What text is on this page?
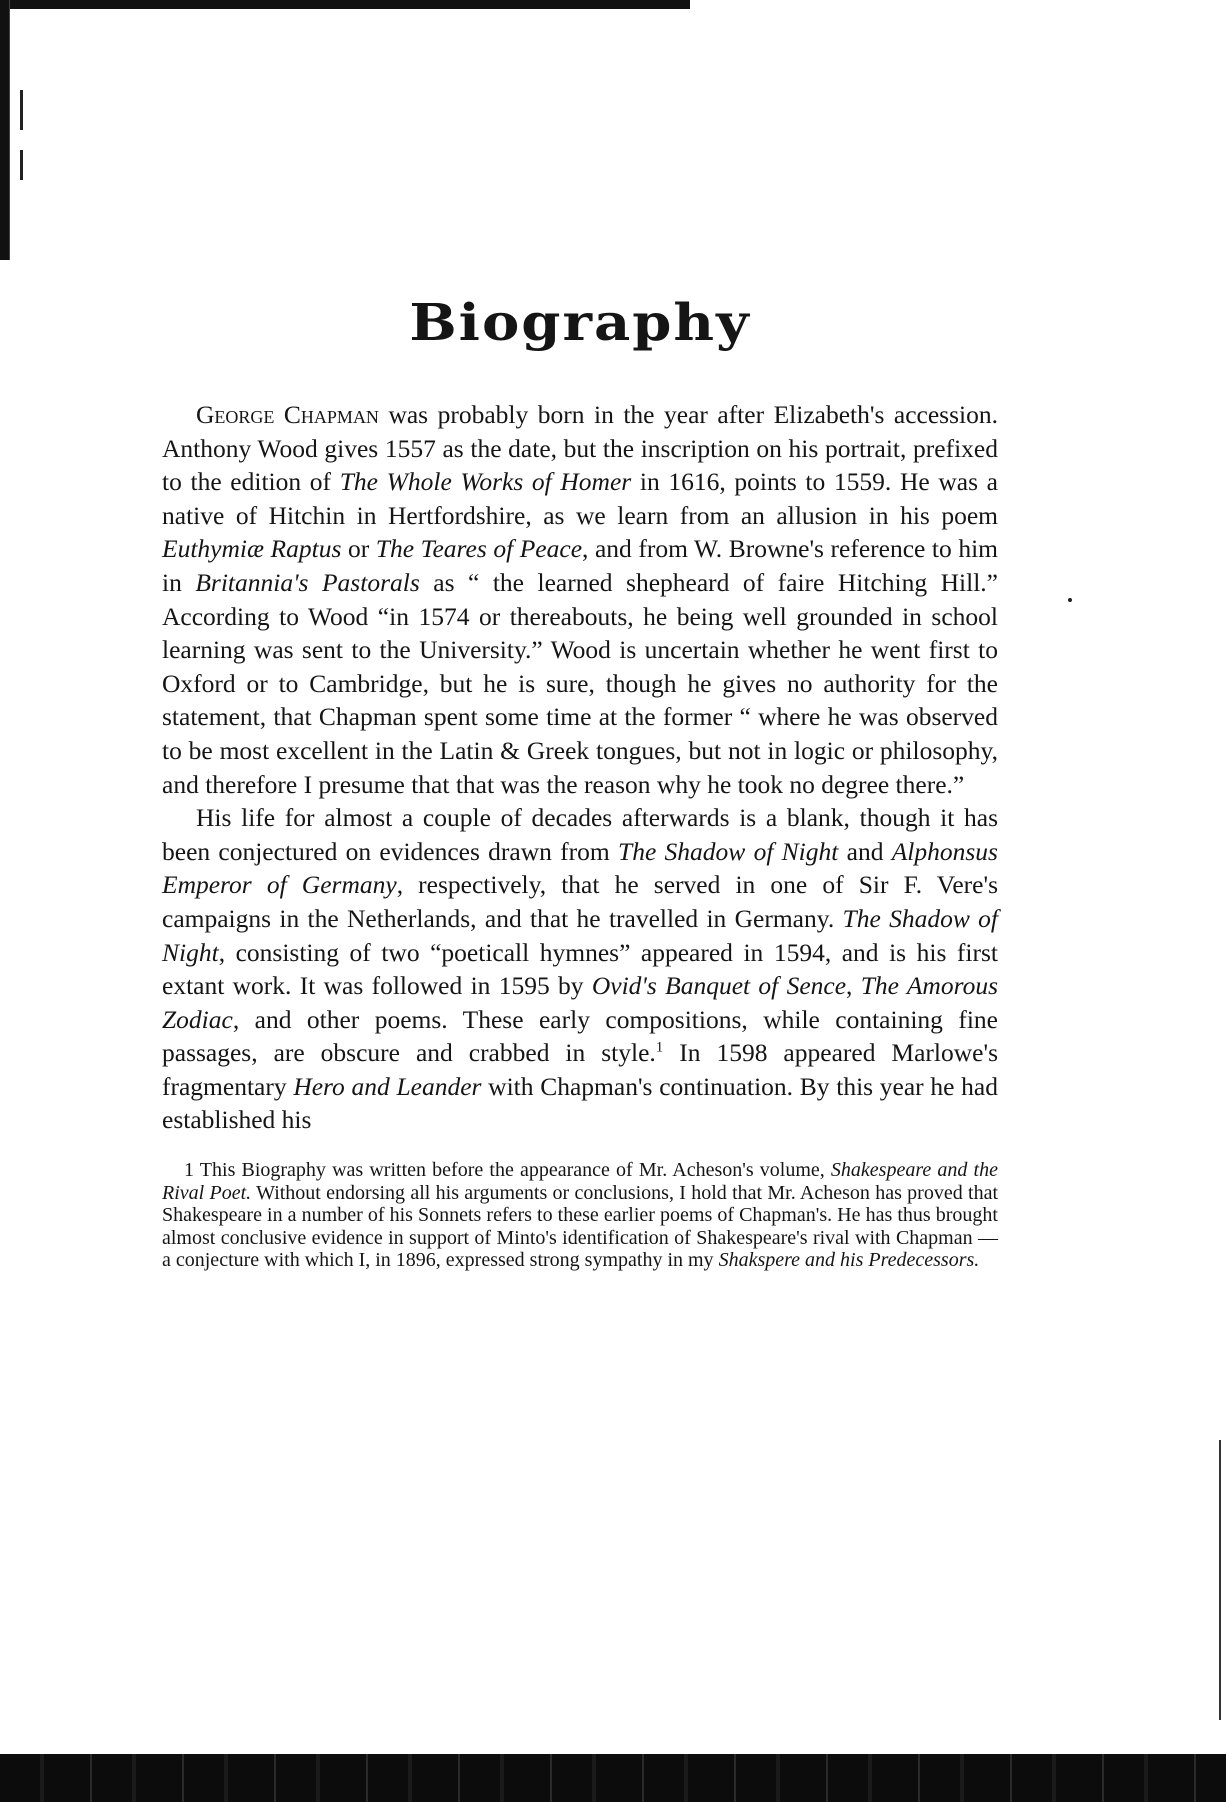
Biography

George Chapman was probably born in the year after Elizabeth's accession. Anthony Wood gives 1557 as the date, but the inscription on his portrait, prefixed to the edition of The Whole Works of Homer in 1616, points to 1559. He was a native of Hitchin in Hertfordshire, as we learn from an allusion in his poem Euthymiæ Raptus or The Teares of Peace, and from W. Browne's reference to him in Britannia's Pastorals as “ the learned shepheard of faire Hitching Hill.” According to Wood “in 1574 or thereabouts, he being well grounded in school learning was sent to the University.” Wood is uncertain whether he went first to Oxford or to Cambridge, but he is sure, though he gives no authority for the statement, that Chapman spent some time at the former “ where he was observed to be most excellent in the Latin & Greek tongues, but not in logic or philosophy, and therefore I presume that that was the reason why he took no degree there.”

His life for almost a couple of decades afterwards is a blank, though it has been conjectured on evidences drawn from The Shadow of Night and Alphonsus Emperor of Germany, respectively, that he served in one of Sir F. Vere's campaigns in the Netherlands, and that he travelled in Germany. The Shadow of Night, consisting of two “poeticall hymnes” appeared in 1594, and is his first extant work. It was followed in 1595 by Ovid's Banquet of Sence, The Amorous Zodiac, and other poems. These early compositions, while containing fine passages, are obscure and crabbed in style.$^1$ In 1598 appeared Marlowe's fragmentary Hero and Leander with Chapman's continuation. By this year he had established his

1 This Biography was written before the appearance of Mr. Acheson's volume, Shakespeare and the Rival Poet. Without endorsing all his arguments or conclusions, I hold that Mr. Acheson has proved that Shakespeare in a number of his Sonnets refers to these earlier poems of Chapman's. He has thus brought almost conclusive evidence in support of Minto's identification of Shakespeare's rival with Chapman — a conjecture with which I, in 1896, expressed strong sympathy in my Shakspere and his Predecessors.
